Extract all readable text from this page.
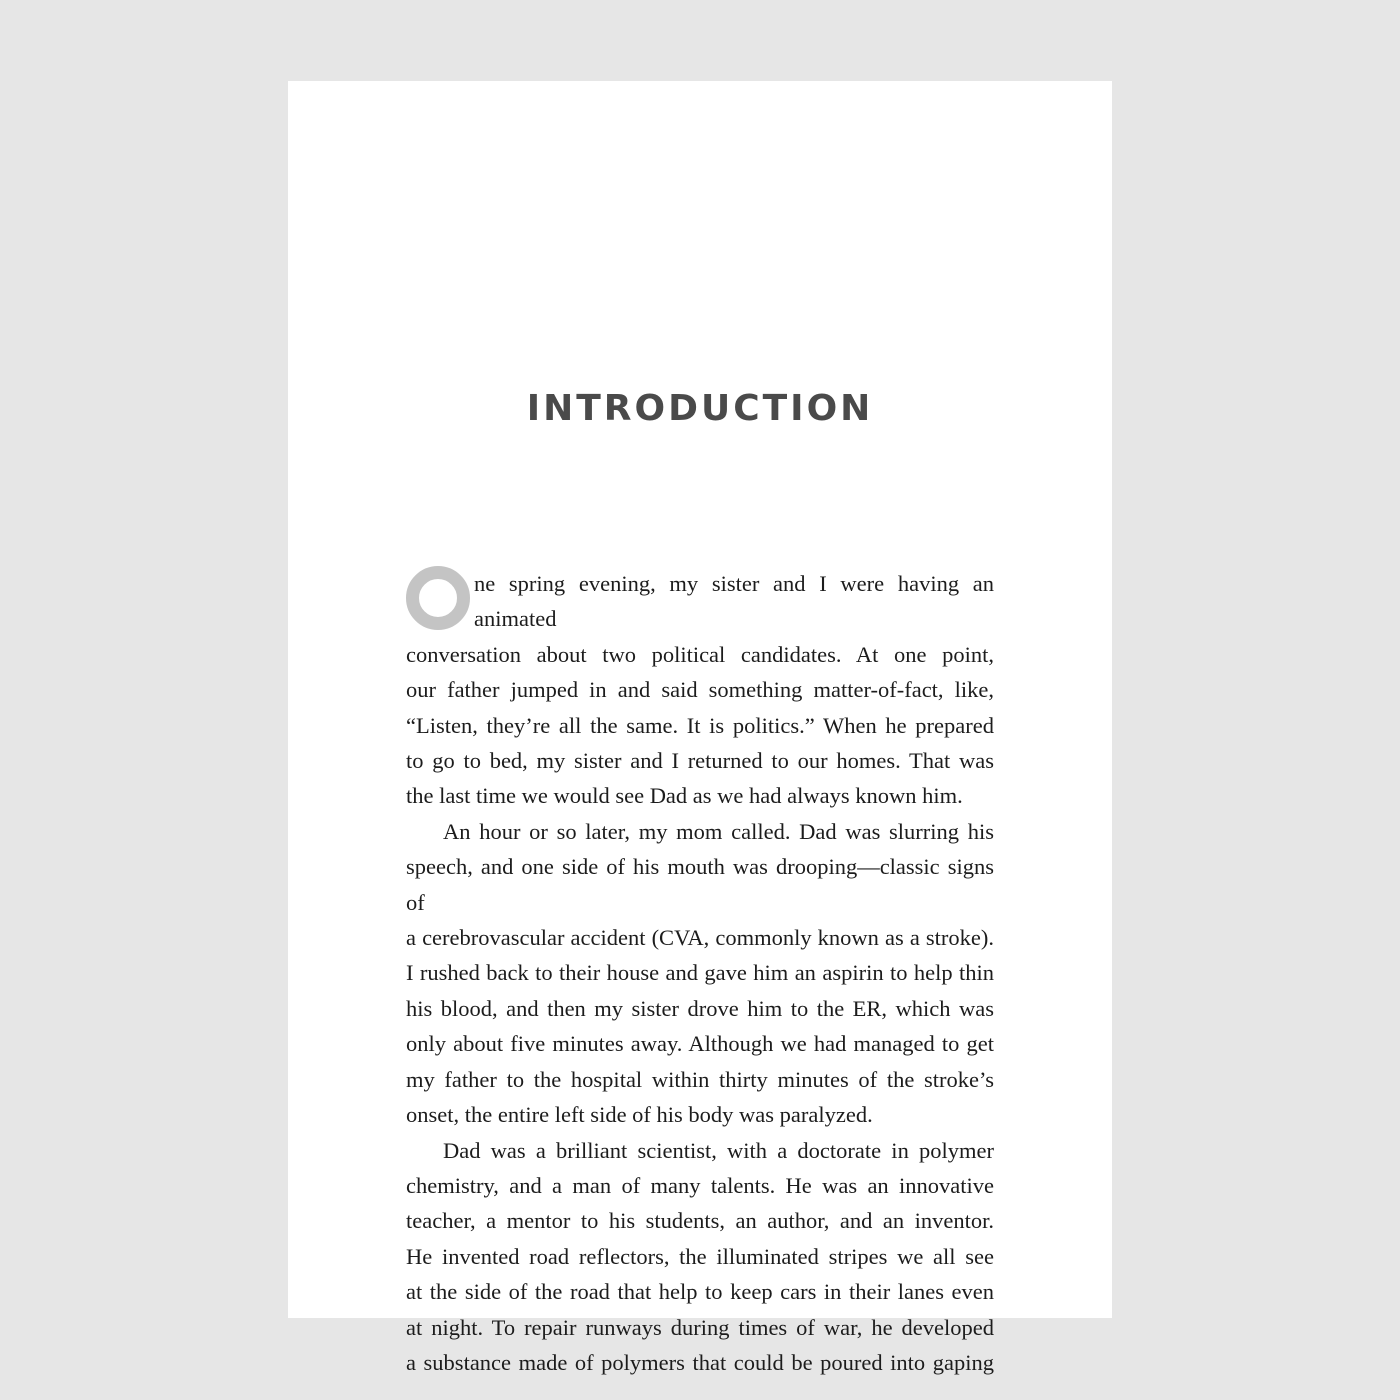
INTRODUCTION

ne spring evening, my sister and I were having an animated
conversation about two political candidates. At one point,
our father jumped in and said something matter-of-fact, like,
“Listen, they’re all the same. It is politics.” When he prepared
to go to bed, my sister and I returned to our homes. That was
the last time we would see Dad as we had always known him.

An hour or so later, my mom called. Dad was slurring his
speech, and one side of his mouth was drooping—classic signs of
a cerebrovascular accident (CVA, commonly known as a stroke).
I rushed back to their house and gave him an aspirin to help thin
his blood, and then my sister drove him to the ER, which was
only about five minutes away. Although we had managed to get
my father to the hospital within thirty minutes of the stroke’s
onset, the entire left side of his body was paralyzed.

Dad was a brilliant scientist, with a doctorate in polymer
chemistry, and a man of many talents. He was an innovative
teacher, a mentor to his students, an author, and an inventor.
He invented road reflectors, the illuminated stripes we all see
at the side of the road that help to keep cars in their lanes even
at night. To repair runways during times of war, he developed
a substance made of polymers that could be poured into gaping
